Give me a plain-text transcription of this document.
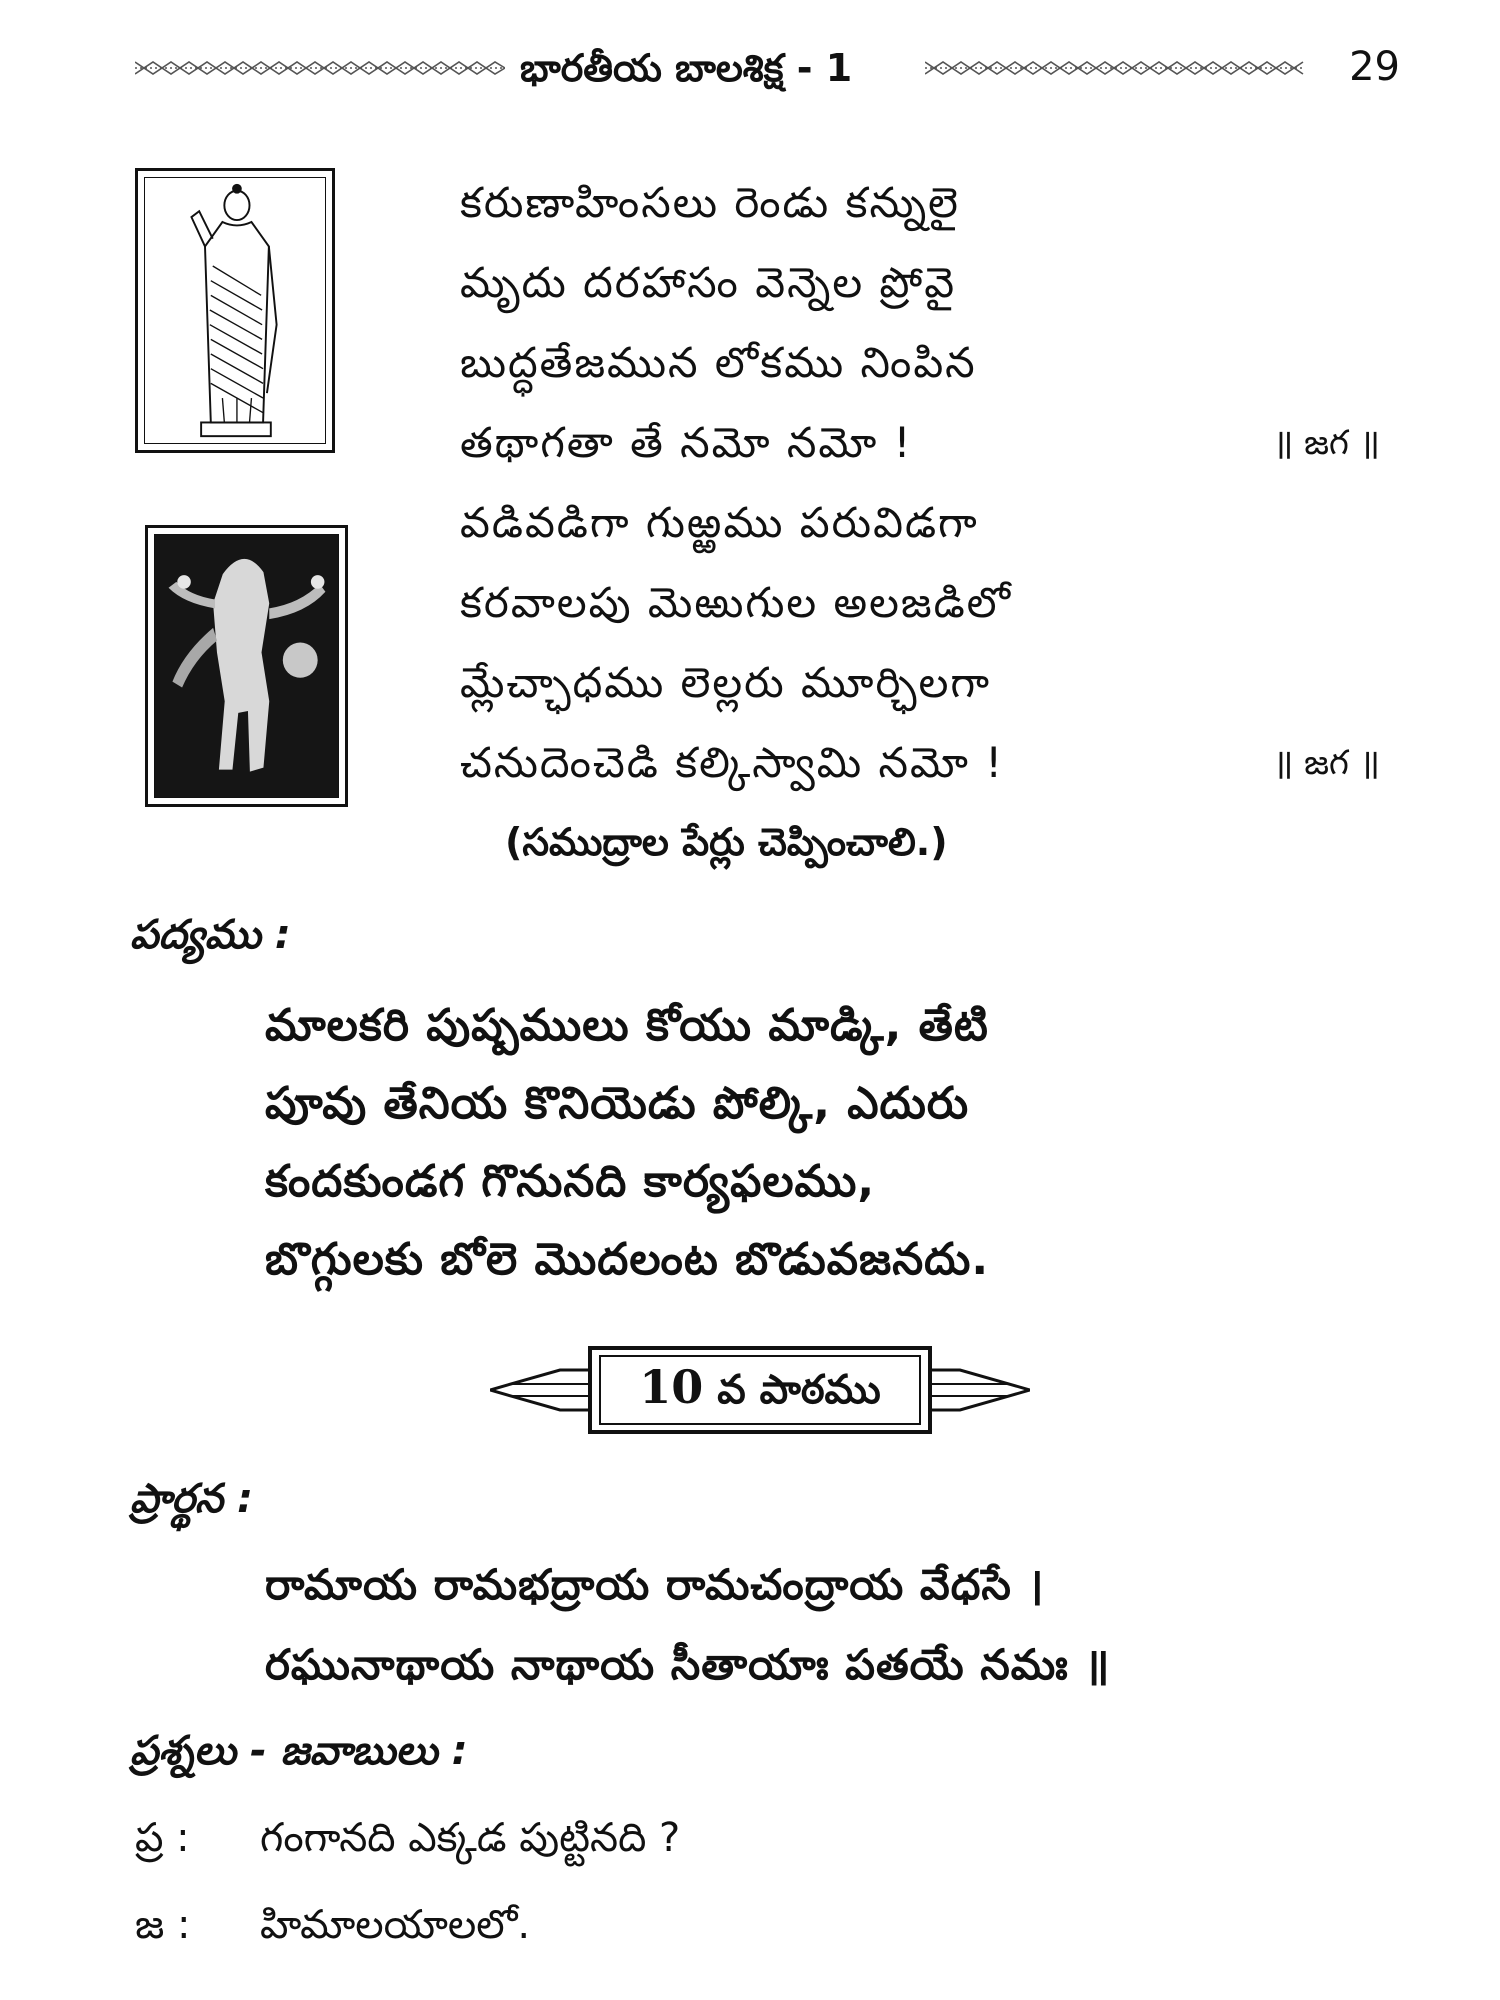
భారతీయ బాలశిక్ష - 1	29
కరుణాహింసలు రెండు కన్నులై
మృదు దరహాసం వెన్నెల ప్రోవై
బుద్ధతేజమున లోకము నింపిన
తథాగతా తే నమో నమో !	॥ జగ ॥
వడివడిగా గుఱ్ఱము పరువిడగా
కరవాలపు మెఱుగుల అలజడిలో
మ్లేచ్ఛాధము లెల్లరు మూర్ఛిలగా
చనుదెంచెడి కల్కిస్వామి నమో !	॥ జగ ॥
(సముద్రాల పేర్లు చెప్పించాలి.)
పద్యము :
మాలకరి పుష్పములు కోయు మాడ్కి, తేటి
పూవు తేనియ కొనియెడు పోల్కి, ఎదురు
కందకుండగ గొనునది కార్యఫలము,
బొగ్గులకు బోలె మొదలంట బొడువజనదు.
10 వ పాఠము
ప్రార్థన :
రామాయ రామభద్రాయ రామచంద్రాయ వేధసే ।
రఘునాథాయ నాథాయ సీతాయాః పతయే నమః ॥
ప్రశ్నలు - జవాబులు :
ప్ర : గంగానది ఎక్కడ పుట్టినది ?
జ : హిమాలయాలలో.
